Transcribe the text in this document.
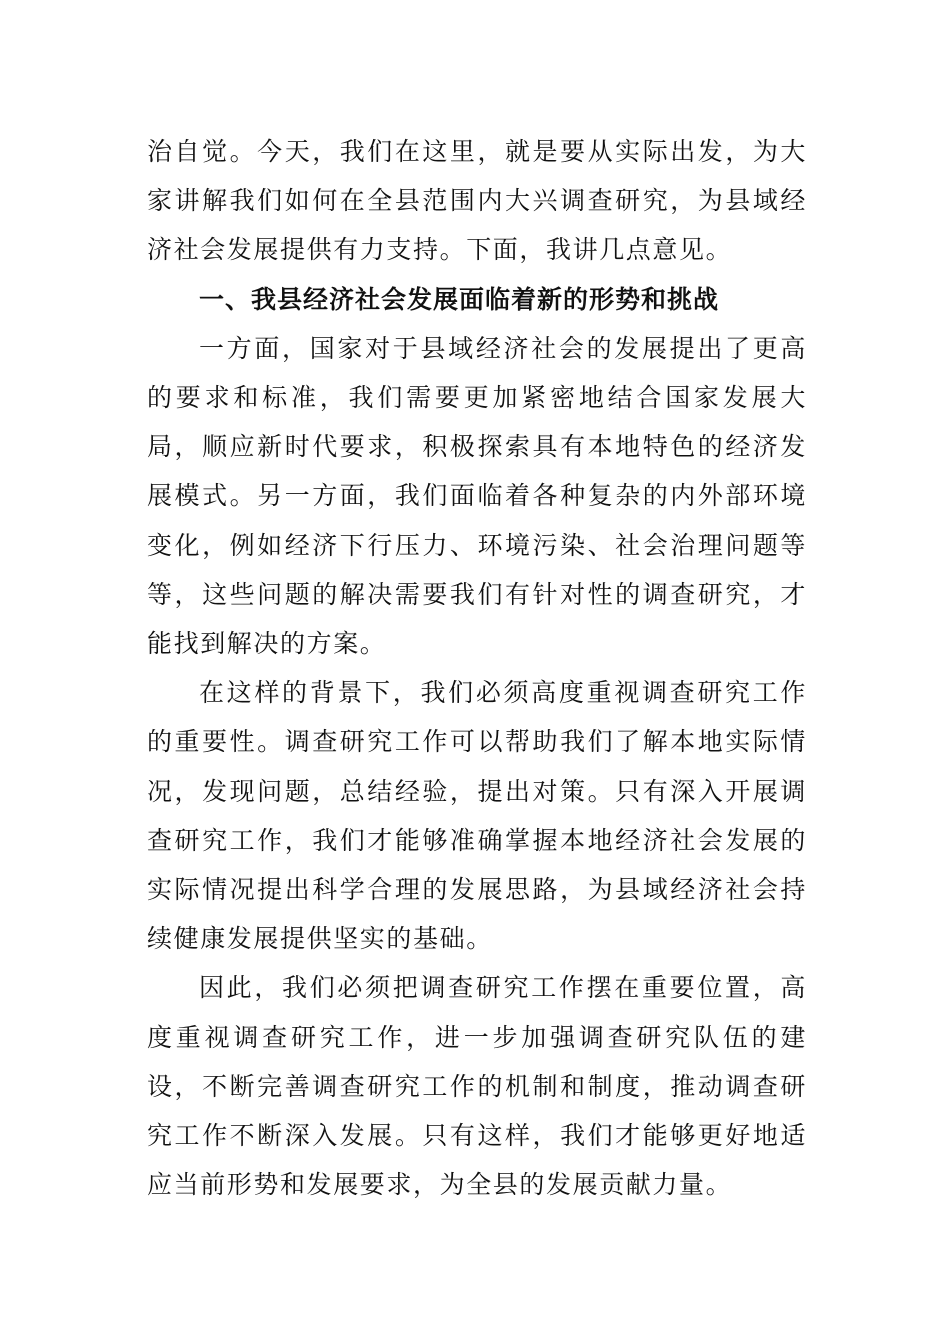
治自觉。今天，我们在这里，就是要从实际出发，为大家讲解我们如何在全县范围内大兴调查研究，为县域经济社会发展提供有力支持。下面，我讲几点意见。

一、我县经济社会发展面临着新的形势和挑战

一方面，国家对于县域经济社会的发展提出了更高的要求和标准，我们需要更加紧密地结合国家发展大局，顺应新时代要求，积极探索具有本地特色的经济发展模式。另一方面，我们面临着各种复杂的内外部环境变化，例如经济下行压力、环境污染、社会治理问题等等，这些问题的解决需要我们有针对性的调查研究，才能找到解决的方案。

在这样的背景下，我们必须高度重视调查研究工作的重要性。调查研究工作可以帮助我们了解本地实际情况，发现问题，总结经验，提出对策。只有深入开展调查研究工作，我们才能够准确掌握本地经济社会发展的实际情况提出科学合理的发展思路，为县域经济社会持续健康发展提供坚实的基础。

因此，我们必须把调查研究工作摆在重要位置，高度重视调查研究工作，进一步加强调查研究队伍的建设，不断完善调查研究工作的机制和制度，推动调查研究工作不断深入发展。只有这样，我们才能够更好地适应当前形势和发展要求，为全县的发展贡献力量。
